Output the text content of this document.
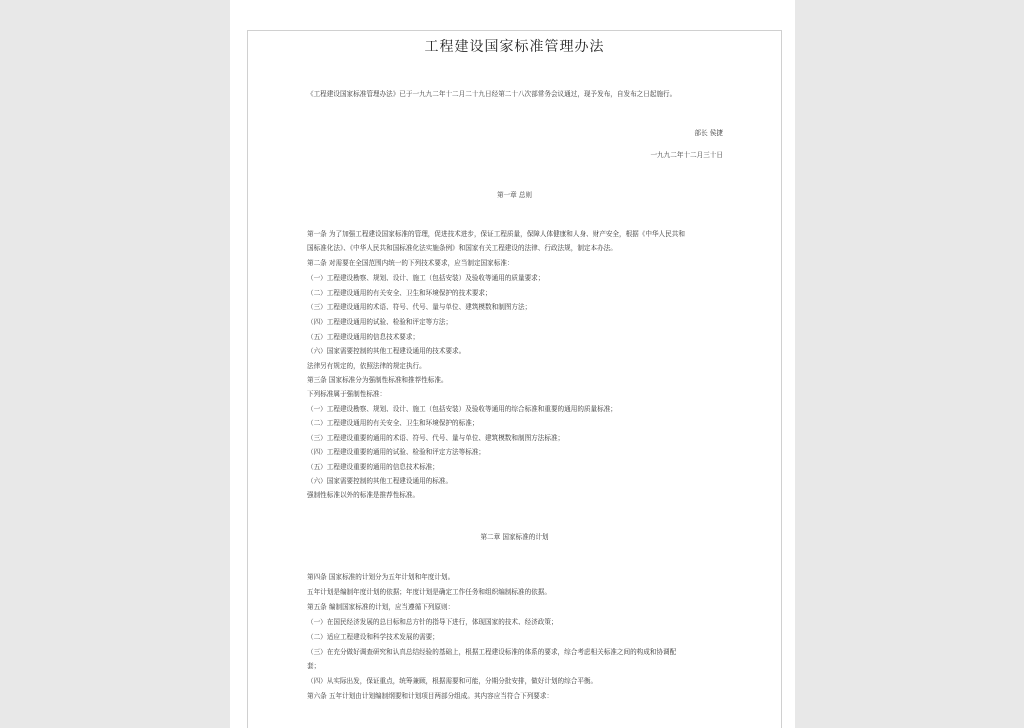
工程建设国家标准管理办法
《工程建设国家标准管理办法》已于一九九二年十二月二十九日经第二十八次部常务会议通过，现予发布，自发布之日起施行。
部长 侯捷
一九九二年十二月三十日
第一章 总则
第一条 为了加强工程建设国家标准的管理，促进技术进步，保证工程质量，保障人体健康和人身、财产安全，根据《中华人民共和
国标准化法》、《中华人民共和国标准化法实施条例》和国家有关工程建设的法律、行政法规，制定本办法。
第二条 对需要在全国范围内统一的下列技术要求，应当制定国家标准：
（一）工程建设勘察、规划、设计、施工（包括安装）及验收等通用的质量要求；
（二）工程建设通用的有关安全、卫生和环境保护的技术要求；
（三）工程建设通用的术语、符号、代号、量与单位、建筑模数和制图方法；
（四）工程建设通用的试验、检验和评定等方法；
（五）工程建设通用的信息技术要求；
（六）国家需要控制的其他工程建设通用的技术要求。
法律另有规定的，依照法律的规定执行。
第三条 国家标准分为强制性标准和推荐性标准。
下列标准属于强制性标准：
（一）工程建设勘察、规划、设计、施工（包括安装）及验收等通用的综合标准和重要的通用的质量标准；
（二）工程建设通用的有关安全、卫生和环境保护的标准；
（三）工程建设重要的通用的术语、符号、代号、量与单位、建筑模数和制图方法标准；
（四）工程建设重要的通用的试验、检验和评定方法等标准；
（五）工程建设重要的通用的信息技术标准；
（六）国家需要控制的其他工程建设通用的标准。
强制性标准以外的标准是推荐性标准。
第二章 国家标准的计划
第四条 国家标准的计划分为五年计划和年度计划。
五年计划是编制年度计划的依据；年度计划是确定工作任务和组织编制标准的依据。
第五条 编制国家标准的计划，应当遵循下列原则：
（一）在国民经济发展的总目标和总方针的指导下进行，体现国家的技术、经济政策；
（二）适应工程建设和科学技术发展的需要；
（三）在充分做好调查研究和认真总结经验的基础上，根据工程建设标准的体系的要求，综合考虑相关标准之间的构成和协调配
套；
（四）从实际出发，保证重点，统筹兼顾，根据需要和可能，分期分批安排，做好计划的综合平衡。
第六条 五年计划由计划编制纲要和计划项目两部分组成。其内容应当符合下列要求：
